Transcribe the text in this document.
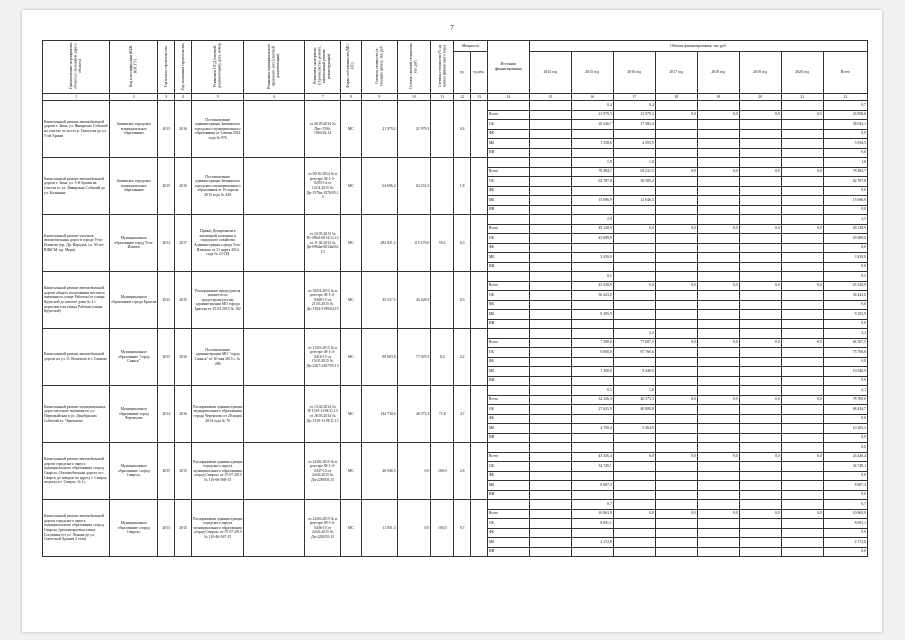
7
Наименование мероприятия, объекта (с указанием адреса объекта)	Код классификации (КБК, КОСГУ)	Год начала строительства	Год окончания строительства	Реквизиты ПСД (сметной документации), дата, номер	Реквизиты муниципального правового акта (сметной документации)	Реквизиты экспертизы (строительство, ремонт, капитальный ремонт, реконструкция)	Форма собственности (МС/НС)	Сметная стоимость (в текущих ценах), тыс.руб.	Остаток сметной стоимости, тыс.руб.	Степень готовности (% на начало финансового года)	Мощность		Источник финансирования	Объемы финансирования, тыс.руб.							
											ед.	ед.изм.		2014 год	2015 год	2016 год	2017 год	2018 год	2019 год	2020 год	Всего
1	2	3	4	5	6	7	8	9	10	11	12	13	14	15	16	17	18	19	20	21	22
Капитальный ремонт автомобильной дороги г. Зима, ул. Январских Событий на участке от моста р. Гапшутка до ул. 5-ой Армии	Зиминское городское муниципальное образование	2015	2016	Постановление администрации Зиминского городского муниципального образования от 3 июня 2014 года № 976		от 30.05.2014 № Пис-1594-1964/02.14	МС	21 979,2	21 979,3		0,4				0,4	0,4					0,7
													Всего		21 979,3	21 979,3	0,0	0,0	0,0	0,0	43 958,6
													ОБ		20 440,7	17 583,4					38 024,1
													ФБ								0,0
													МБ		1 538,6	4 395,9					5 934,5
													ИИ								0,0
Капитальный ремонт автомобильной дороги г. Зима, ул. 5-й Армии на участке от ул. Январских Событий до ул. Калинина	Зиминское городское муниципальное образование	2015	2016	Постановление администрации Зиминского городского муниципального образования от 16 апреля 2015 года № 438		от 09.10.2014 № в реестре 38-1-5-0293-14 от 14.04.2015 № Дп-1576н-1976/05.14	МС	64 696,2	63 231,5		1,8				1,8	1,8					1,8
													Всего		78 484,7	63 231,5	0,0	0,0	0,0	0,0	78 484,7
													ОБ		62 787,8	50 585,2					62 787,8
													ФБ								0,0
													МБ		15 696,9	12 646,3					15 696,9
													ИИ								0,0
Капитальный ремонт участков автомобильных дорог в городе Усть-Илимске (пр. Др. Народов, ул. 50 лет ВЛКСМ, пр. Мира)	Муниципальное образование город Усть-Илимск	2014	2017	Приказ Департамента жилищной политики и городского хозяйства Администрации города Усть-Илимска от 31 марта 2014 года № 23-ОД		от 23.05.2013 № Пс-0964-0014/12.12 от 11.04.2013 № Дп-0964н-0014н/04.13	МС	282 821,5	115 279,0	59,2	6,3				2,9						2,5
													Всего		49 128,9	0,0	0,0	0,0	0,0	0,0	49 128,9
													ОБ		45 689,9						45 689,9
													ФБ								0,0
													МБ		3 439,0						3 439,0
													ИИ								0,0
Капитальный ремонт автомобильной дороги общего пользования местного значения по улице Рабочая (от улицы Крупской до жилого дома № 2 с переулкастом улицы Рабочая-улицы Крупской)	Муниципальное образование города Братска	2015	2015	Распоряжение председателя комитета по градостроительству администрации МО города Братска от 25.03.2015 № 192		от 30.04.2015 № в реестре 38-1-4-0408-15 от 21.05.2015 № Дп-1194-3199/04.15	МС	45 527,5	45 428,9		0,5				0,5						0,5
													Всего		45 528,9	0,0	0,0	0,0	0,0	0,0	45 528,9
													ОБ		36 423,0						36 423,0
													ФБ								0,0
													МБ		9 105,9						9 105,9
													ИИ								0,0
Капитальный ремонт автомобильной дороги по ул. О. Кошевого в г. Саянске	Муниципальное образование "город Саянск"	2015	2016	Постановление администрации МО "город Саянск" от 20 мая 2015 г. № 286		от 15.05.2015 № в реестре 38-1-4-0416-15 от 15.05.2015 № Дп-2267-2267/05.15	МС	89 683,8	77 007,5	8,4	2,2					2,2					2,2
													Всего		7 300,0	77 007,5	0,0	0,0	0,0	0,0	84 307,5
													ОБ		6 000,0	67 766,6					73 766,6
													ФБ								0,0
													МБ		1 300,0	9 240,9					10 540,9
													ИИ								0,0
Капитальный ремонт муниципальных дорог местного значения по ул. Первомайская в ул. Декабрьских Событий в г. Черемхово	Муниципальное образование город Черемхово	2014	2016	Распоряжение администрации муниципального образования города Черемхово от 28 марта 2014 года № 70		от 13.02.2014 № П-1319-1318/11.13 от 28.03.2014 № Дп-1319-1318/11.13	МС	144 730,6	46 373,3	71,8	4,7				0,3	1,8					2,1
													Всего		32 326,3	46 373,3	0,0	0,0	0,0	0,0	78 700,0
													ОБ		27 625,9	40 808,8					68 434,7
													ФБ								0,0
													МБ		4 700,4	5 564,9					10 265,3
													ИИ								0,0
Капитальный ремонт автомобильной дороги городского округа муниципального образования «город Свирск» (Автомобильная дорога от г. Свирск до заводов по адресу г. Свирск, подъезд к г. Свирск, № 1»	Муниципальное образование «город Свирск»	2015	2015	Распоряжение администрации городского округа муниципального образования «город Свирск» от 07.07.2015 № 110-66-568-15		от 24.06.2015 № в реестре 38-1-4-0437-15 от 24.06.2015 № Дп-2280/03.15	МС	46 046,5	0,0	100,0	2,8										0,0
													Всего		43 436,4	0,0	0,0	0,0	0,0	0,0	43 436,4
													ОБ		34 749,1						34 749,1
													ФБ								0,0
													МБ		8 687,3						8 687,3
													ИИ								0,0
Капитальный ремонт автомобильной дороги городского округа муниципального образования «город Свирск» (ремонтируемая улица Соцлиния (от ул. Ленина до ул. Советской Армии) 2 этап)	Муниципальное образование «город Свирск»	2015	2015	Распоряжение администрации городского округа муниципального образования «город Свирск» от 07.07.2015 № 110-46-567-15		от 24.06.2015 № в реестре 38-1-4-0436-15 от 24.06.2015 № Дп-2282/03.15	МС	11 851,3	0,0	100,0	0,7				0,7						0,7
													Всего		10 863,9	0,0	0,0	0,0	0,0	0,0	10 863,9
													ОБ		8 691,1						8 691,1
													ФБ								0,0
													МБ		2 172,8						2 172,8
													ИИ								0,0
